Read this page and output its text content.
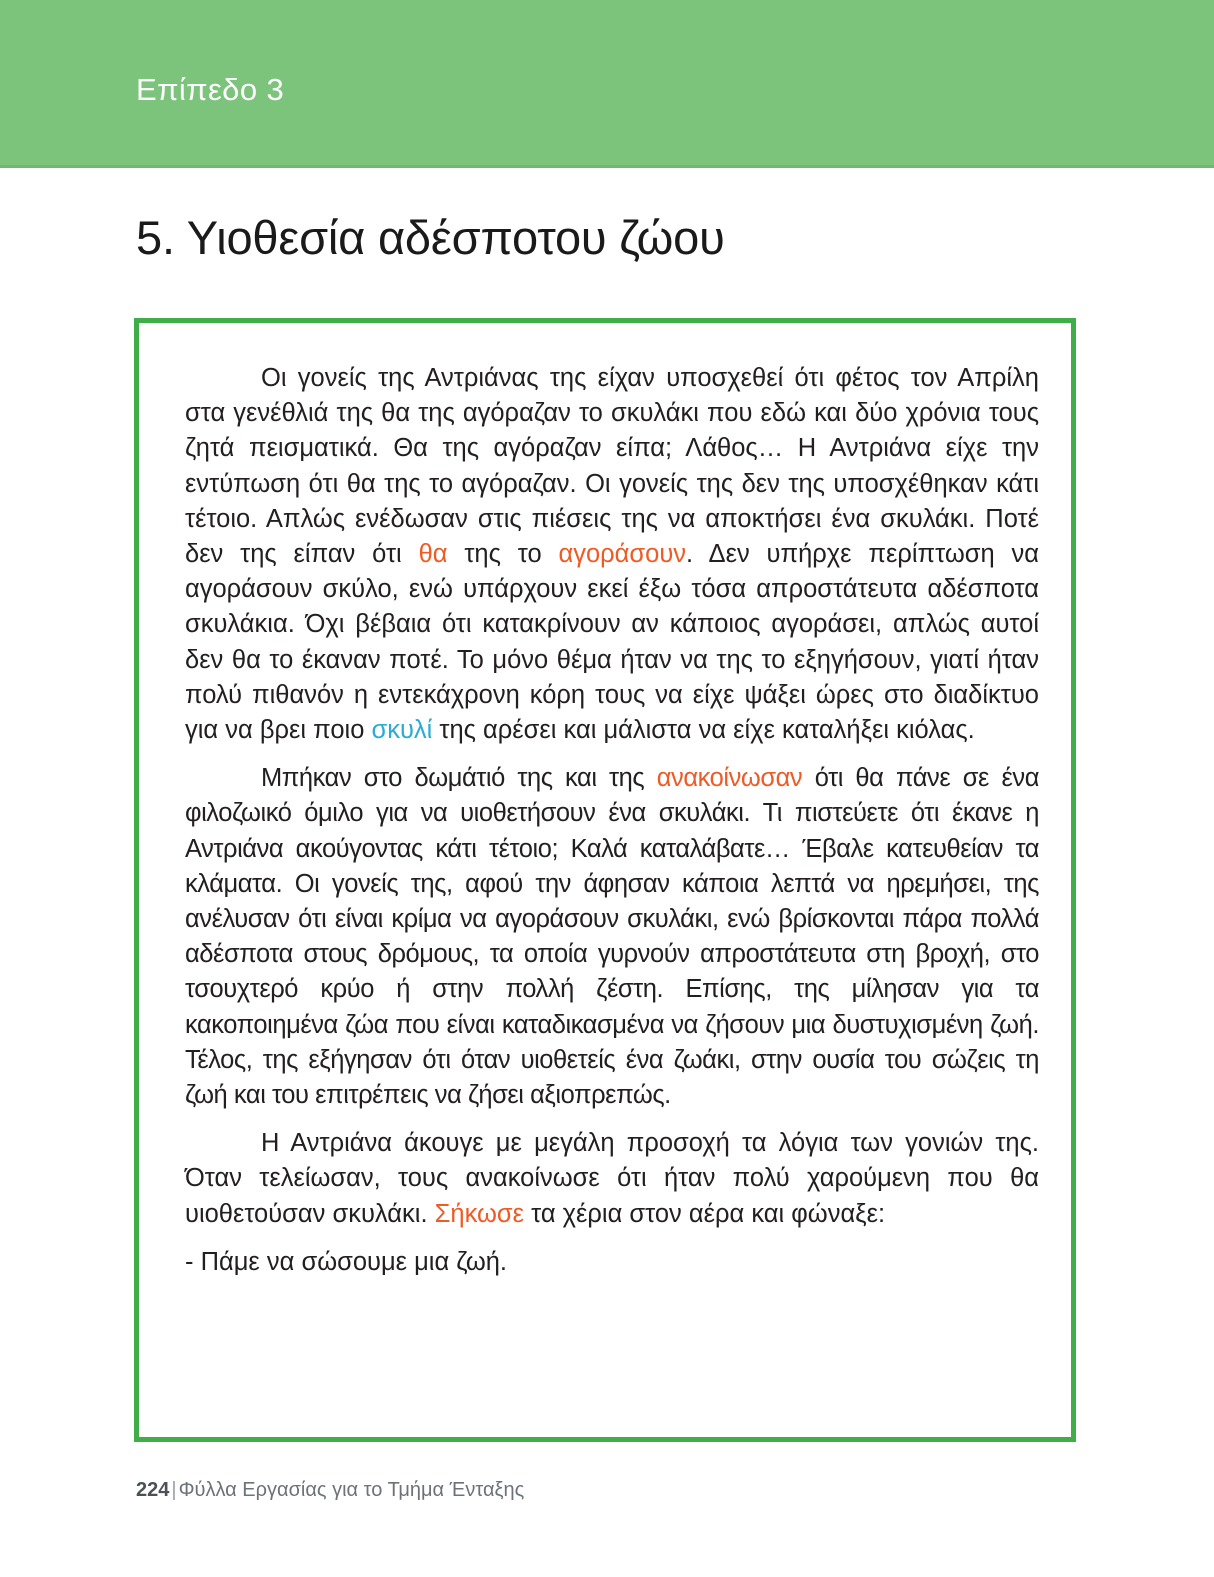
Επίπεδο 3
5. Υιοθεσία αδέσποτου ζώου

Οι γονείς της Αντριάνας της είχαν υποσχεθεί ότι φέτος τον Απρίλη στα γενέθλιά της θα της αγόραζαν το σκυλάκι που εδώ και δύο χρόνια τους ζητά πεισματικά. Θα της αγόραζαν είπα; Λάθος… Η Αντριάνα είχε την εντύπωση ότι θα της το αγόραζαν. Οι γονείς της δεν της υποσχέθηκαν κάτι τέτοιο. Απλώς ενέδωσαν στις πιέσεις της να αποκτήσει ένα σκυλάκι. Ποτέ δεν της είπαν ότι θα της το αγοράσουν. Δεν υπήρχε περίπτωση να αγοράσουν σκύλο, ενώ υπάρχουν εκεί έξω τόσα απροστάτευτα αδέσποτα σκυλάκια. Όχι βέβαια ότι κατακρίνουν αν κάποιος αγοράσει, απλώς αυτοί δεν θα το έκαναν ποτέ. Το μόνο θέμα ήταν να της το εξηγήσουν, γιατί ήταν πολύ πιθανόν η εντεκάχρονη κόρη τους να είχε ψάξει ώρες στο διαδίκτυο για να βρει ποιο σκυλί της αρέσει και μάλιστα να είχε καταλήξει κιόλας.

Μπήκαν στο δωμάτιό της και της ανακοίνωσαν ότι θα πάνε σε ένα φιλοζωικό όμιλο για να υιοθετήσουν ένα σκυλάκι. Τι πιστεύετε ότι έκανε η Αντριάνα ακούγοντας κάτι τέτοιο; Καλά καταλάβατε… Έβαλε κατευθείαν τα κλάματα. Οι γονείς της, αφού την άφησαν κάποια λεπτά να ηρεμήσει, της ανέλυσαν ότι είναι κρίμα να αγοράσουν σκυλάκι, ενώ βρίσκονται πάρα πολλά αδέσποτα στους δρόμους, τα οποία γυρνούν απροστάτευτα στη βροχή, στο τσουχτερό κρύο ή στην πολλή ζέστη. Επίσης, της μίλησαν για τα κακοποιημένα ζώα που είναι καταδικασμένα να ζήσουν μια δυστυχισμένη ζωή. Τέλος, της εξήγησαν ότι όταν υιοθετείς ένα ζωάκι, στην ουσία του σώζεις τη ζωή και του επιτρέπεις να ζήσει αξιοπρεπώς.

Η Αντριάνα άκουγε με μεγάλη προσοχή τα λόγια των γονιών της. Όταν τελείωσαν, τους ανακοίνωσε ότι ήταν πολύ χαρούμενη που θα υιοθετούσαν σκυλάκι. Σήκωσε τα χέρια στον αέρα και φώναξε:

- Πάμε να σώσουμε μια ζωή.

224 | Φύλλα Εργασίας για το Τμήμα Ένταξης
